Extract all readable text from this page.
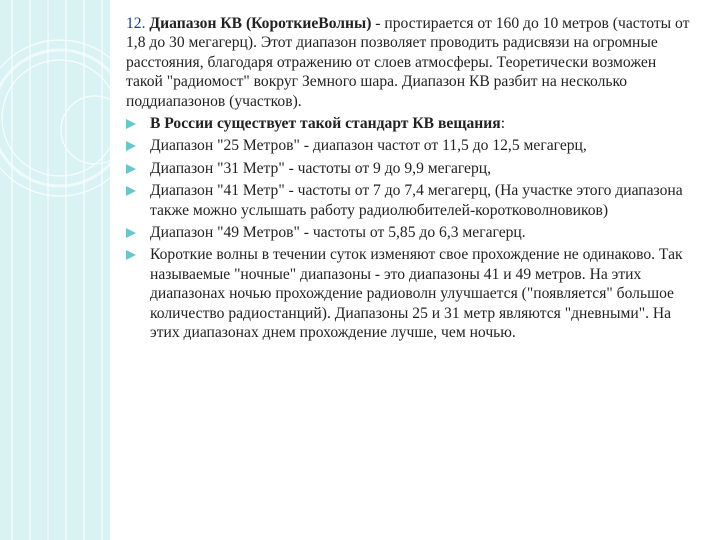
12. Диапазон КВ (КороткиеВолны) - простирается от 160 до 10 метров (частоты от 1,8 до 30 мегагерц). Этот диапазон позволяет проводить радисвязи на огромные расстояния, благодаря отражению от слоев атмосферы. Теоретически возможен такой "радиомост" вокруг Земного шара. Диапазон КВ разбит на несколько поддиапазонов (участков).
В России существует такой стандарт КВ вещания:
Диапазон "25 Метров" - диапазон частот от 11,5 до 12,5 мегагерц,
Диапазон "31 Метр" - частоты от 9 до 9,9 мегагерц,
Диапазон "41 Метр" - частоты от 7 до 7,4 мегагерц, (На участке этого диапазона также можно услышать работу радиолюбителей-коротковолновиков)
Диапазон "49 Метров" - частоты от 5,85 до 6,3 мегагерц.
Короткие волны в течении суток изменяют свое прохождение не одинаково. Так называемые "ночные" диапазоны - это диапазоны 41 и 49 метров. На этих диапазонах ночью прохождение радиоволн улучшается ("появляется" большое количество радиостанций). Диапазоны 25 и 31 метр являются "дневными". На этих диапазонах днем прохождение лучше, чем ночью.
